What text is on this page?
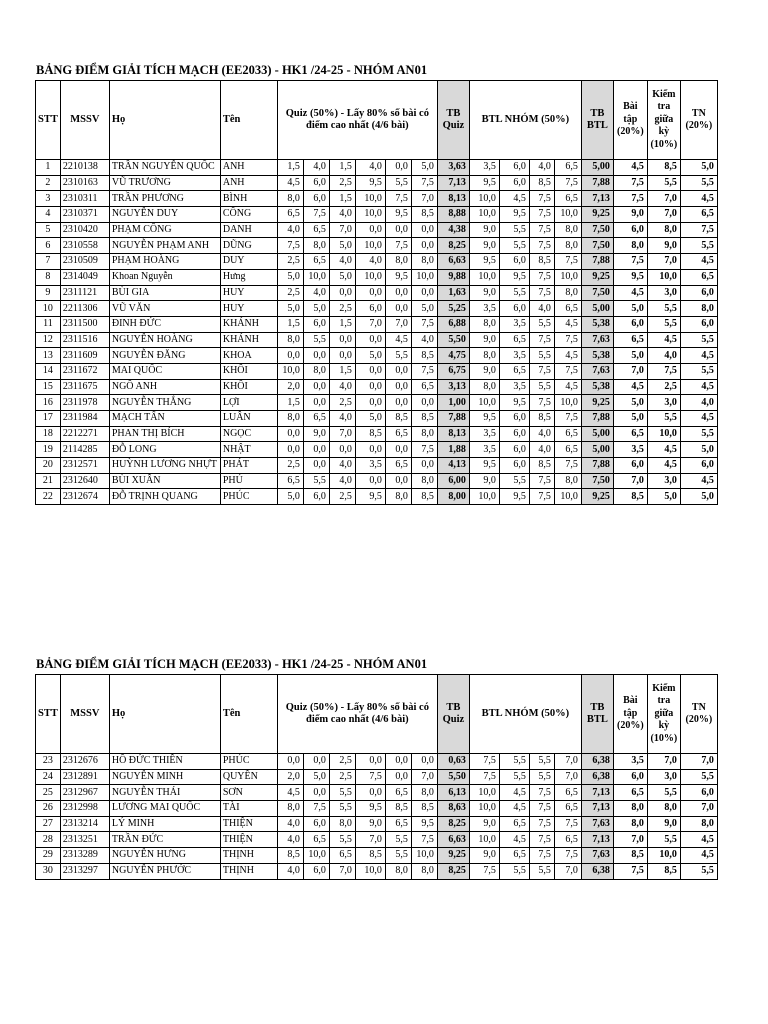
BẢNG ĐIỂM GIẢI TÍCH MẠCH (EE2033) - HK1 /24-25 - NHÓM AN01
STT	MSSV	Họ	Tên	Quiz (50%) - Lấy 80% số bài có điểm cao nhất (4/6 bài)						TB Quiz	BTL NHÓM (50%)				TB BTL	Bài tập (20%)	Kiểm tra giữa kỳ (10%)	TN (20%)
1	2210138	TRẦN NGUYỄN QUỐC	ANH	1,5	4,0	1,5	4,0	0,0	5,0	3,63	3,5	6,0	4,0	6,5	5,00	4,5	8,5	5,0
2	2310163	VŨ TRƯƠNG	ANH	4,5	6,0	2,5	9,5	5,5	7,5	7,13	9,5	6,0	8,5	7,5	7,88	7,5	5,5	5,5
3	2310311	TRẦN PHƯƠNG	BÌNH	8,0	6,0	1,5	10,0	7,5	7,0	8,13	10,0	4,5	7,5	6,5	7,13	7,5	7,0	4,5
4	2310371	NGUYỄN DUY	CÔNG	6,5	7,5	4,0	10,0	9,5	8,5	8,88	10,0	9,5	7,5	10,0	9,25	9,0	7,0	6,5
5	2310420	PHẠM CÔNG	DANH	4,0	6,5	7,0	0,0	0,0	0,0	4,38	9,0	5,5	7,5	8,0	7,50	6,0	8,0	7,5
6	2310558	NGUYỄN PHẠM ANH	DŨNG	7,5	8,0	5,0	10,0	7,5	0,0	8,25	9,0	5,5	7,5	8,0	7,50	8,0	9,0	5,5
7	2310509	PHẠM HOÀNG	DUY	2,5	6,5	4,0	4,0	8,0	8,0	6,63	9,5	6,0	8,5	7,5	7,88	7,5	7,0	4,5
8	2314049	Khoan Nguyễn	Hưng	5,0	10,0	5,0	10,0	9,5	10,0	9,88	10,0	9,5	7,5	10,0	9,25	9,5	10,0	6,5
9	2311121	BÙI GIA	HUY	2,5	4,0	0,0	0,0	0,0	0,0	1,63	9,0	5,5	7,5	8,0	7,50	4,5	3,0	6,0
10	2211306	VŨ VĂN	HUY	5,0	5,0	2,5	6,0	0,0	5,0	5,25	3,5	6,0	4,0	6,5	5,00	5,0	5,5	8,0
11	2311500	ĐINH ĐỨC	KHÁNH	1,5	6,0	1,5	7,0	7,0	7,5	6,88	8,0	3,5	5,5	4,5	5,38	6,0	5,5	6,0
12	2311516	NGUYỄN HOÀNG	KHÁNH	8,0	5,5	0,0	0,0	4,5	4,0	5,50	9,0	6,5	7,5	7,5	7,63	6,5	4,5	5,5
13	2311609	NGUYỄN ĐĂNG	KHOA	0,0	0,0	0,0	5,0	5,5	8,5	4,75	8,0	3,5	5,5	4,5	5,38	5,0	4,0	4,5
14	2311672	MAI QUỐC	KHÔI	10,0	8,0	1,5	0,0	0,0	7,5	6,75	9,0	6,5	7,5	7,5	7,63	7,0	7,5	5,5
15	2311675	NGÔ ANH	KHÔI	2,0	0,0	4,0	0,0	0,0	6,5	3,13	8,0	3,5	5,5	4,5	5,38	4,5	2,5	4,5
16	2311978	NGUYỄN THẮNG	LỢI	1,5	0,0	2,5	0,0	0,0	0,0	1,00	10,0	9,5	7,5	10,0	9,25	5,0	3,0	4,0
17	2311984	MẠCH TẤN	LUÂN	8,0	6,5	4,0	5,0	8,5	8,5	7,88	9,5	6,0	8,5	7,5	7,88	5,0	5,5	4,5
18	2212271	PHAN THỊ BÍCH	NGỌC	0,0	9,0	7,0	8,5	6,5	8,0	8,13	3,5	6,0	4,0	6,5	5,00	6,5	10,0	5,5
19	2114285	ĐỖ LONG	NHẬT	0,0	0,0	0,0	0,0	0,0	7,5	1,88	3,5	6,0	4,0	6,5	5,00	3,5	4,5	5,0
20	2312571	HUỲNH LƯƠNG NHỰT	PHÁT	2,5	0,0	4,0	3,5	6,5	0,0	4,13	9,5	6,0	8,5	7,5	7,88	6,0	4,5	6,0
21	2312640	BÙI XUÂN	PHÚ	6,5	5,5	4,0	0,0	0,0	8,0	6,00	9,0	5,5	7,5	8,0	7,50	7,0	3,0	4,5
22	2312674	ĐỖ TRỊNH QUANG	PHÚC	5,0	6,0	2,5	9,5	8,0	8,5	8,00	10,0	9,5	7,5	10,0	9,25	8,5	5,0	5,0
BẢNG ĐIỂM GIẢI TÍCH MẠCH (EE2033) - HK1 /24-25 - NHÓM AN01
STT	MSSV	Họ	Tên	Quiz (50%) - Lấy 80% số bài có điểm cao nhất (4/6 bài)						TB Quiz	BTL NHÓM (50%)				TB BTL	Bài tập (20%)	Kiểm tra giữa kỳ (10%)	TN (20%)
23	2312676	HỒ ĐỨC THIÊN	PHÚC	0,0	0,0	2,5	0,0	0,0	0,0	0,63	7,5	5,5	5,5	7,0	6,38	3,5	7,0	7,0
24	2312891	NGUYỄN MINH	QUYỀN	2,0	5,0	2,5	7,5	0,0	7,0	5,50	7,5	5,5	5,5	7,0	6,38	6,0	3,0	5,5
25	2312967	NGUYỄN THÁI	SƠN	4,5	0,0	5,5	0,0	6,5	8,0	6,13	10,0	4,5	7,5	6,5	7,13	6,5	5,5	6,0
26	2312998	LƯƠNG MAI QUỐC	TÀI	8,0	7,5	5,5	9,5	8,5	8,5	8,63	10,0	4,5	7,5	6,5	7,13	8,0	8,0	7,0
27	2313214	LÝ MINH	THIỆN	4,0	6,0	8,0	9,0	6,5	9,5	8,25	9,0	6,5	7,5	7,5	7,63	8,0	9,0	8,0
28	2313251	TRẦN ĐỨC	THIỆN	4,0	6,5	5,5	7,0	5,5	7,5	6,63	10,0	4,5	7,5	6,5	7,13	7,0	5,5	4,5
29	2313289	NGUYỄN HƯNG	THỊNH	8,5	10,0	6,5	8,5	5,5	10,0	9,25	9,0	6,5	7,5	7,5	7,63	8,5	10,0	4,5
30	2313297	NGUYỄN PHƯỚC	THỊNH	4,0	6,0	7,0	10,0	8,0	8,0	8,25	7,5	5,5	5,5	7,0	6,38	7,5	8,5	5,5
